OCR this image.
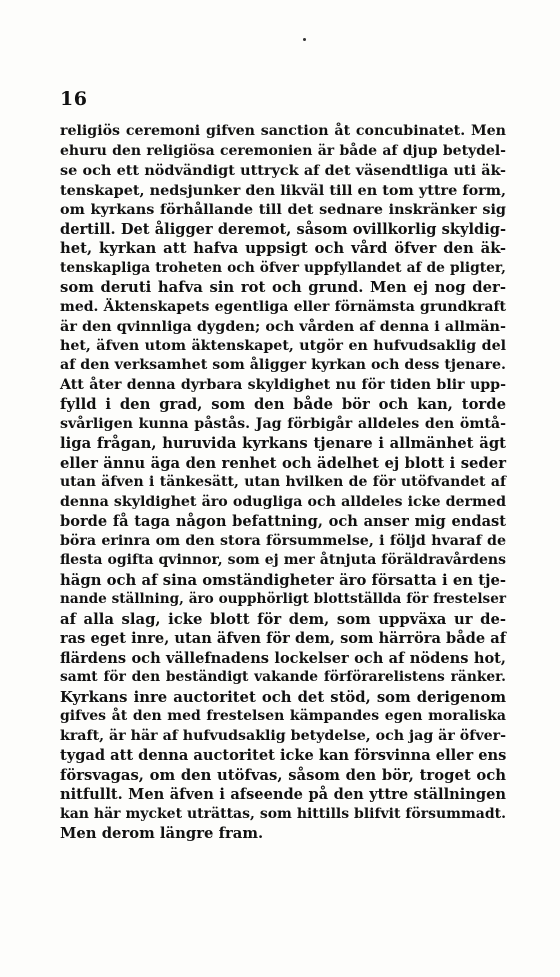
16
religiös ceremoni gifven sanction åt concubinatet. Men
ehuru den religiösa ceremonien är både af djup betydel-
se och ett nödvändigt uttryck af det väsendtliga uti äk-
tenskapet, nedsjunker den likväl till en tom yttre form,
om kyrkans förhållande till det sednare inskränker sig
dertill. Det åligger deremot, såsom ovillkorlig skyldig-
het, kyrkan att hafva uppsigt och vård öfver den äk-
tenskapliga troheten och öfver uppfyllandet af de pligter,
som deruti hafva sin rot och grund. Men ej nog der-
med. Äktenskapets egentliga eller förnämsta grundkraft
är den qvinnliga dygden; och vården af denna i allmän-
het, äfven utom äktenskapet, utgör en hufvudsaklig del
af den verksamhet som åligger kyrkan och dess tjenare.
Att åter denna dyrbara skyldighet nu för tiden blir upp-
fylld i den grad, som den både bör och kan, torde
svårligen kunna påstås. Jag förbigår alldeles den ömtå-
liga frågan, huruvida kyrkans tjenare i allmänhet ägt
eller ännu äga den renhet och ädelhet ej blott i seder
utan äfven i tänkesätt, utan hvilken de för utöfvandet af
denna skyldighet äro odugliga och alldeles icke dermed
borde få taga någon befattning, och anser mig endast
böra erinra om den stora försummelse, i följd hvaraf de
flesta ogifta qvinnor, som ej mer åtnjuta föräldravårdens
hägn och af sina omständigheter äro försatta i en tje-
nande ställning, äro oupphörligt blottställda för frestelser
af alla slag, icke blott för dem, som uppväxa ur de-
ras eget inre, utan äfven för dem, som härröra både af
flärdens och vällefnadens lockelser och af nödens hot,
samt för den beständigt vakande förförarelistens ränker.
Kyrkans inre auctoritet och det stöd, som derigenom
gifves åt den med frestelsen kämpandes egen moraliska
kraft, är här af hufvudsaklig betydelse, och jag är öfver-
tygad att denna auctoritet icke kan försvinna eller ens
försvagas, om den utöfvas, såsom den bör, troget och
nitfullt. Men äfven i afseende på den yttre ställningen
kan här mycket uträttas, som hittills blifvit försummadt.
Men derom längre fram.
